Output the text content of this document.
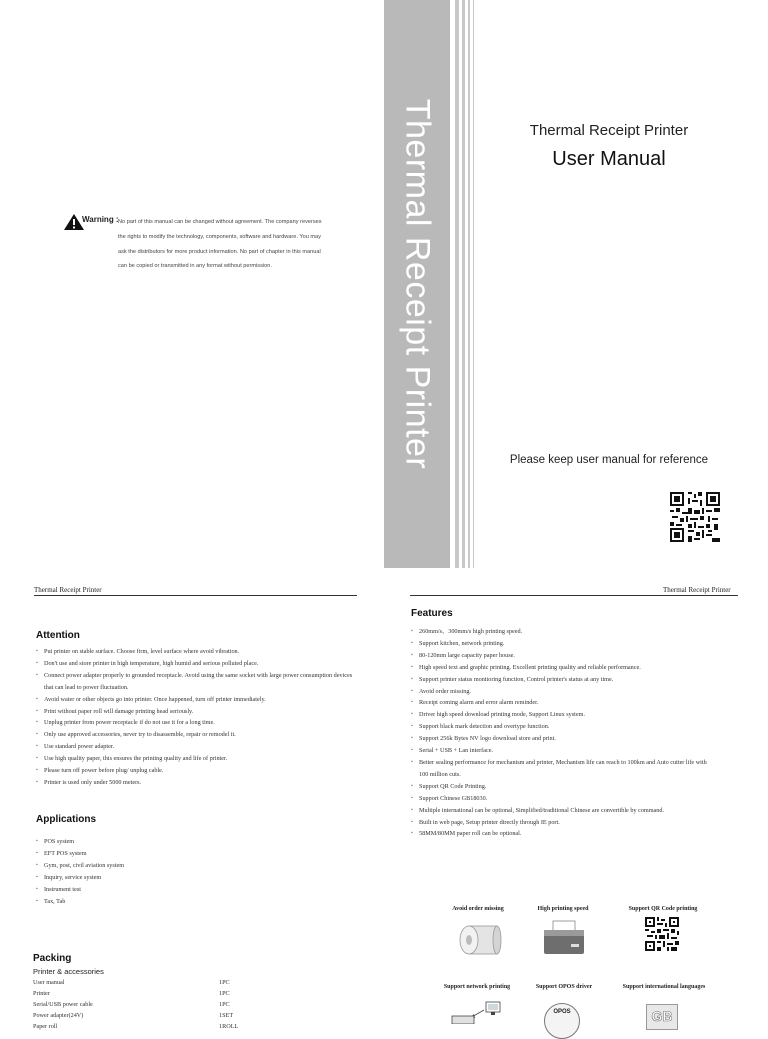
Thermal Receipt Printer	Thermal Receipt Printer
User Manual
Please keep user manual for reference
Warning : No part of this manual can be changed without agreement. The company reverses the rights to modify the technology, components, software and hardware. You may ask the distributors for more product information. No part of chapter in this manual can be copied or transmitted in any format without permission.
Thermal Receipt Printer
Attention
▪ Put printer on stable surface. Choose firm, level surface where avoid vibration.
▪ Don't use and store printer in high temperature, high humid and serious polluted place.
▪ Connect power adapter properly to grounded receptacle. Avoid using the same socket with large power consumption devices that can lead to power fluctuation.
▪ Avoid water or other objects go into printer. Once happened, turn off printer immediately.
▪ Print without paper roll will damage printing head seriously.
▪ Unplug printer from power receptacle if do not use it for a long time.
▪ Only use approved accessories, never try to disassemble, repair or remodel it.
▪ Use standard power adapter.
▪ Use high quality paper, this ensures the printing quality and life of printer.
▪ Please turn off power before plug/ unplug cable.
▪ Printer is used only under 5000 meters.
Applications
▪ POS system
▪ EFT POS system
▪ Gym, post, civil aviation system
▪ Inquiry, service system
▪ Instrument test
▪ Tax, Tab
Packing
Printer & accessories
User manual	1PC
Printer	1PC
Serial/USB power cable	1PC
Power adapter(24V)	1SET
Paper roll	1ROLL
Thermal Receipt Printer
Features
▪ 260mm/s、300mm/s high printing speed.
▪ Support kitchen, network printing.
▪ 80-120mm large capacity paper house.
▪ High speed text and graphic printing. Excellent printing quality and reliable performance.
▪ Support printer status monitoring function, Control printer's status at any time.
▪ Avoid order missing.
▪ Receipt coming alarm and error alarm reminder.
▪ Driver high speed download printing mode, Support Linux system.
▪ Support black mark detection and overtype function.
▪ Support 256k Bytes NV logo download store and print.
▪ Serial + USB + Lan interface.
▪ Better sealing performance for mechanism and printer, Mechanism life can reach to 100km and Auto cutter life with 100 million cuts.
▪ Support QR Code Printing.
▪ Support Chinese GB18030.
▪ Multiple international can be optional, Simplified/traditional Chinese are convertible by command.
▪ Built in web page, Setup printer directly through IE port.
▪ 58MM/80MM paper roll can be optional.
Avoid order missing	High printing speed	Support QR Code printing
Support network printing	Support OPOS driver	Support international languages
OPOS	GB
